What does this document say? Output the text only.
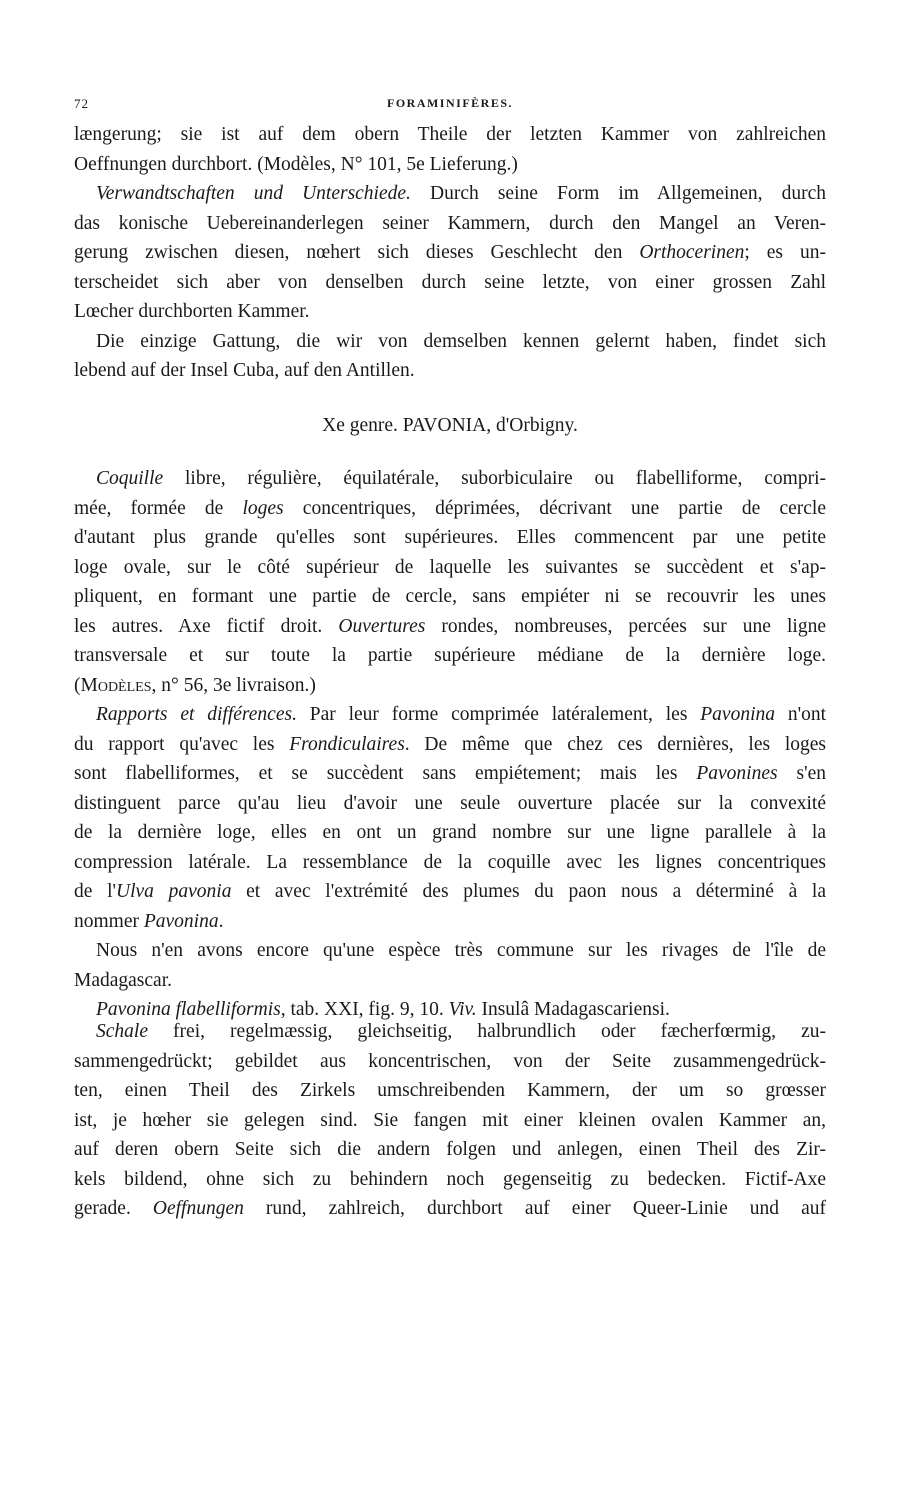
72	FORAMINIFÈRES.
længerung; sie ist auf dem obern Theile der letzten Kammer von zahlreichen
Oeffnungen durchbort. (Modèles, N° 101, 5e Lieferung.)
Verwandtschaften und Unterschiede. Durch seine Form im Allgemeinen, durch
das konische Uebereinanderlegen seiner Kammern, durch den Mangel an Veren-
gerung zwischen diesen, nœhert sich dieses Geschlecht den Orthocerinen; es un-
terscheidet sich aber von denselben durch seine letzte, von einer grossen Zahl
Lœcher durchborten Kammer.
Die einzige Gattung, die wir von demselben kennen gelernt haben, findet sich
lebend auf der Insel Cuba, auf den Antillen.
Xe genre. PAVONIA, d'Orbigny.
Coquille libre, régulière, équilatérale, suborbiculaire ou flabelliforme, compri-
mée, formée de loges concentriques, déprimées, décrivant une partie de cercle
d'autant plus grande qu'elles sont supérieures. Elles commencent par une petite
loge ovale, sur le côté supérieur de laquelle les suivantes se succèdent et s'ap-
pliquent, en formant une partie de cercle, sans empiéter ni se recouvrir les unes
les autres. Axe fictif droit. Ouvertures rondes, nombreuses, percées sur une ligne
transversale et sur toute la partie supérieure médiane de la dernière loge.
(Modèles, n° 56, 3e livraison.)
Rapports et différences. Par leur forme comprimée latéralement, les Pavonina n'ont
du rapport qu'avec les Frondiculaires. De même que chez ces dernières, les loges
sont flabelliformes, et se succèdent sans empiétement; mais les Pavonines s'en
distinguent parce qu'au lieu d'avoir une seule ouverture placée sur la convexité
de la dernière loge, elles en ont un grand nombre sur une ligne parallele à la
compression latérale. La ressemblance de la coquille avec les lignes concentriques
de l'Ulva pavonia et avec l'extrémité des plumes du paon nous a déterminé à la
nommer Pavonina.
Nous n'en avons encore qu'une espèce très commune sur les rivages de l'île de
Madagascar.
Pavonina flabelliformis, tab. XXI, fig. 9, 10. Viv. Insulâ Madagascariensi.
Schale frei, regelmæssig, gleichseitig, halbrundlich oder fæcherfœrmig, zu-
sammengedrückt; gebildet aus koncentrischen, von der Seite zusammengedrück-
ten, einen Theil des Zirkels umschreibenden Kammern, der um so grœsser
ist, je hœher sie gelegen sind. Sie fangen mit einer kleinen ovalen Kammer an,
auf deren obern Seite sich die andern folgen und anlegen, einen Theil des Zir-
kels bildend, ohne sich zu behindern noch gegenseitig zu bedecken. Fictif-Axe
gerade. Oeffnungen rund, zahlreich, durchbort auf einer Queer-Linie und auf
